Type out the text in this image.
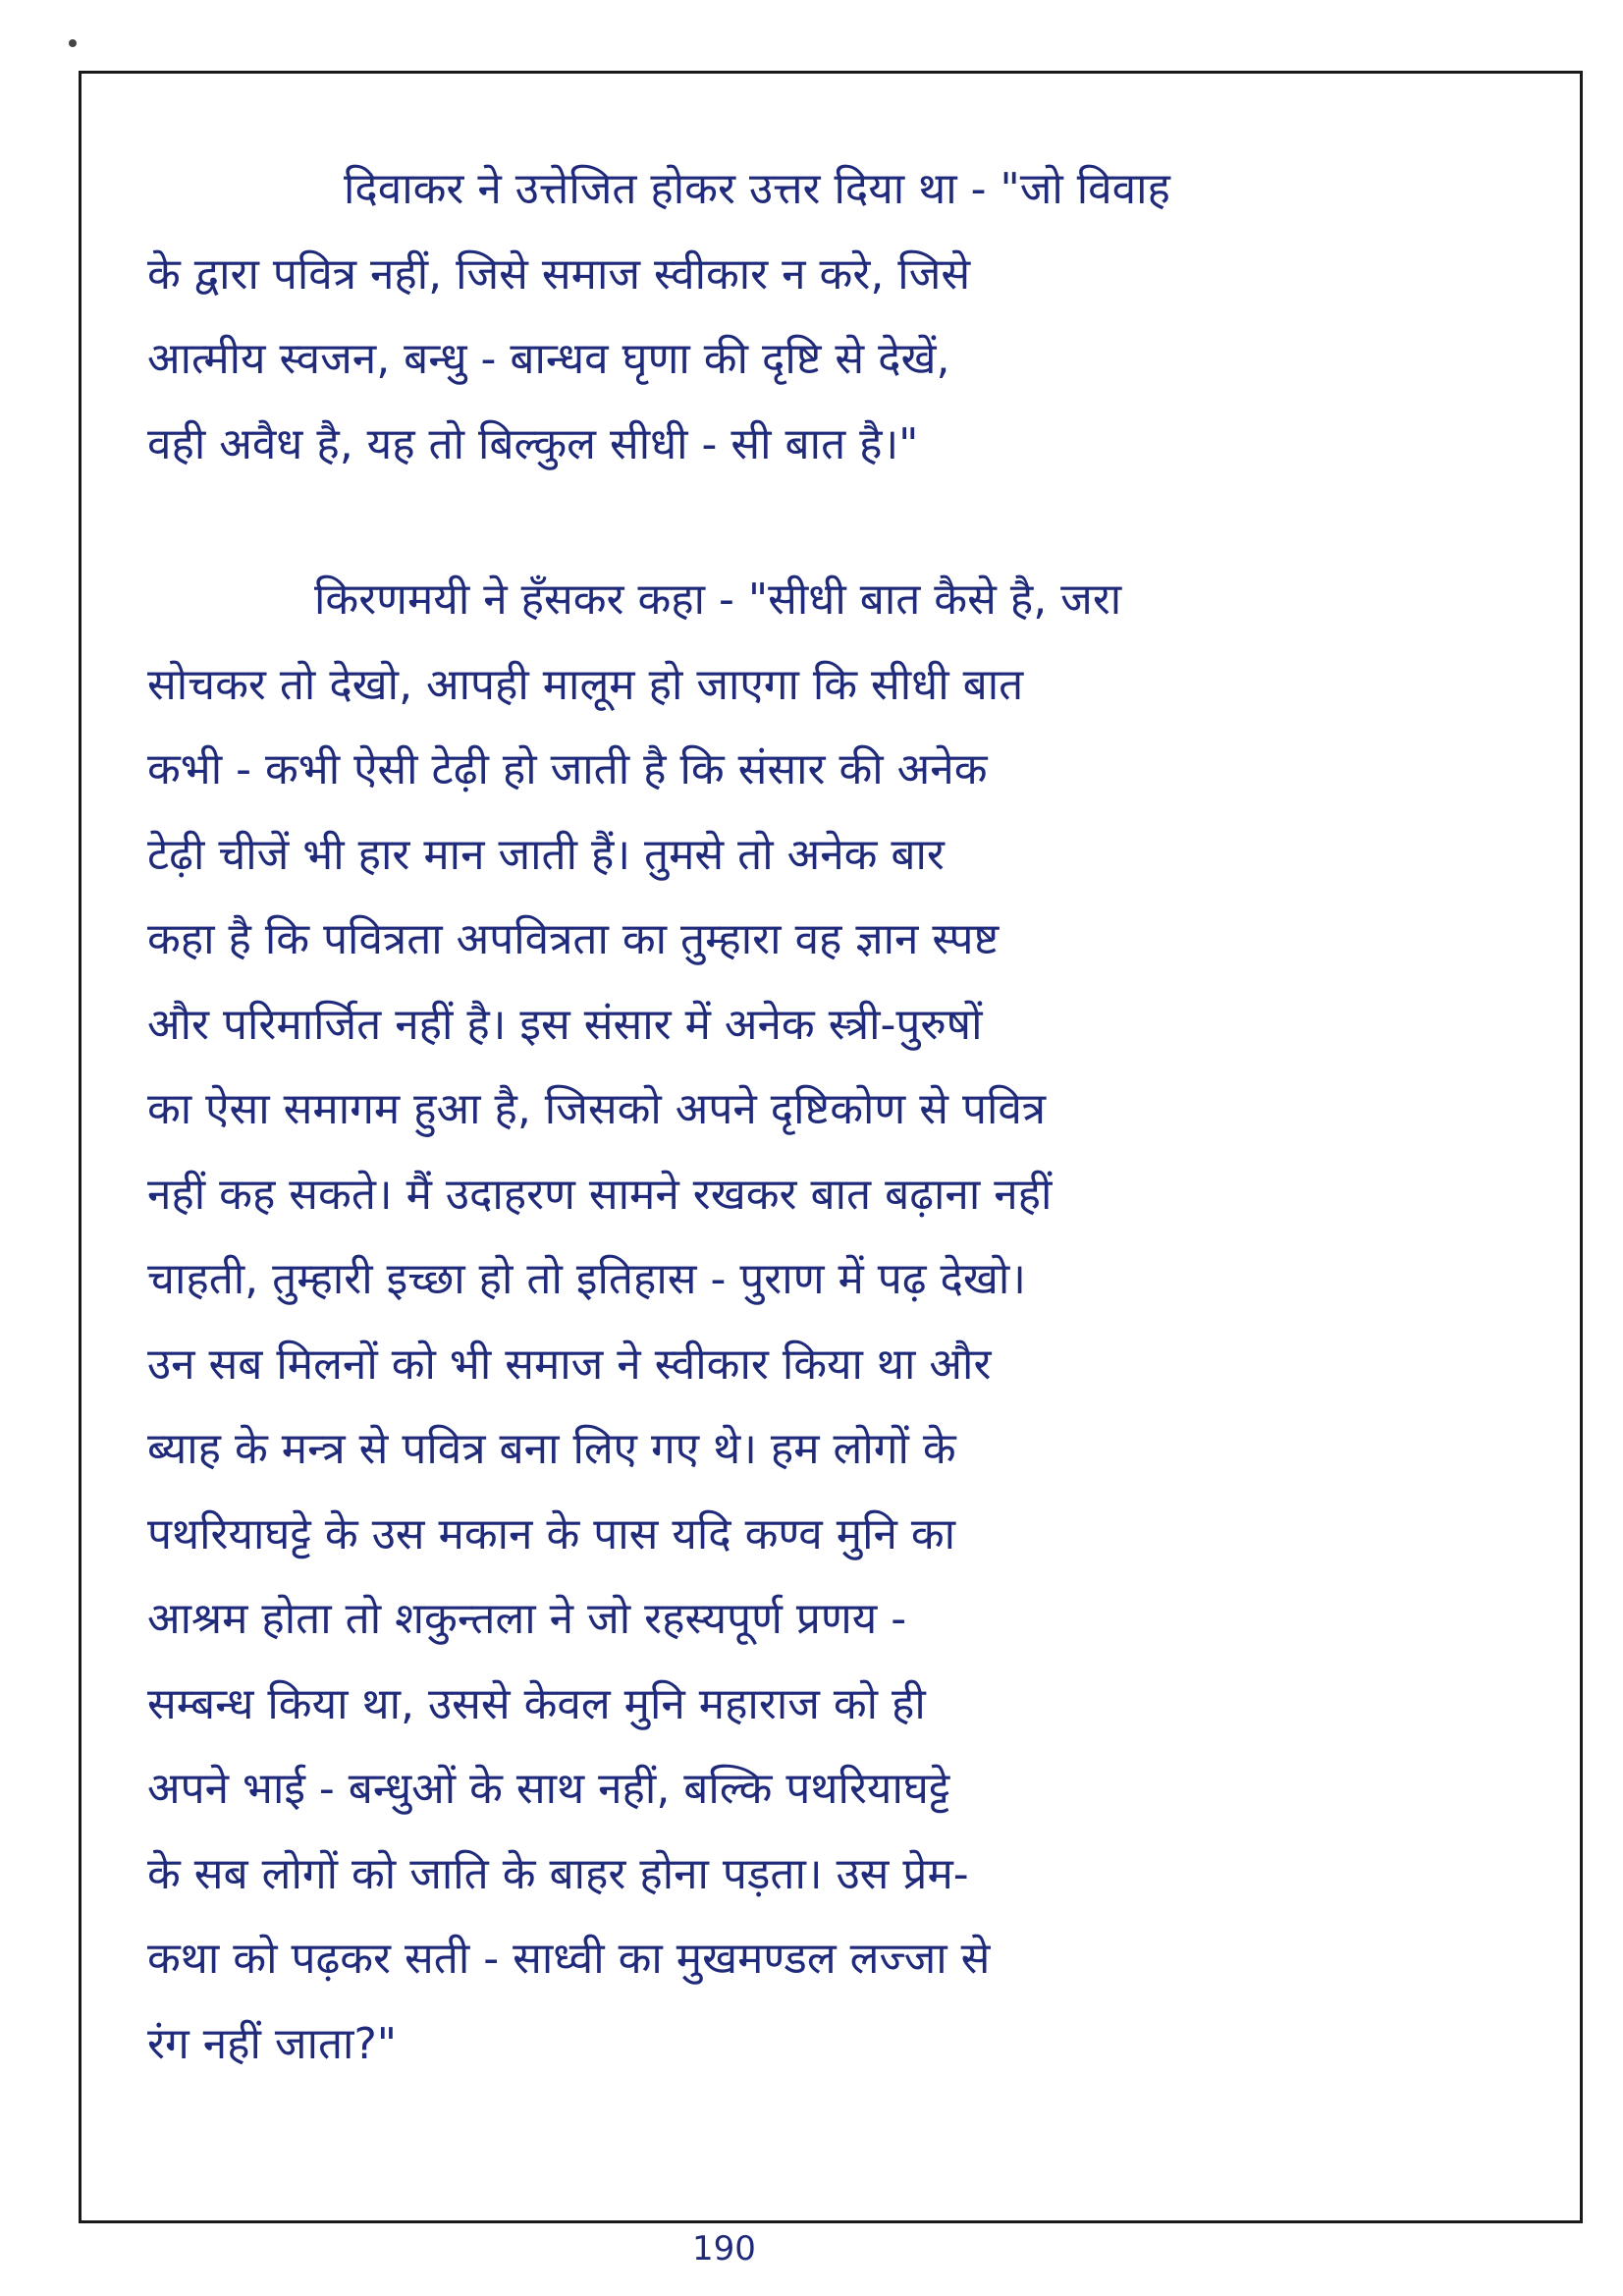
दिवाकर ने उत्तेजित होकर उत्तर दिया था - "जो विवाह
के द्वारा पवित्र नहीं, जिसे समाज स्वीकार न करे, जिसे
आत्मीय स्वजन, बन्धु - बान्धव घृणा की दृष्टि से देखें,
वही अवैध है, यह तो बिल्कुल सीधी - सी बात है।"

किरणमयी ने हँसकर कहा - "सीधी बात कैसे है, जरा
सोचकर तो देखो, आपही मालूम हो जाएगा कि सीधी बात
कभी - कभी ऐसी टेढ़ी हो जाती है कि संसार की अनेक
टेढ़ी चीजें भी हार मान जाती हैं। तुमसे तो अनेक बार
कहा है कि पवित्रता अपवित्रता का तुम्हारा वह ज्ञान स्पष्ट
और परिमार्जित नहीं है। इस संसार में अनेक स्त्री-पुरुषों
का ऐसा समागम हुआ है, जिसको अपने दृष्टिकोण से पवित्र
नहीं कह सकते। मैं उदाहरण सामने रखकर बात बढ़ाना नहीं
चाहती, तुम्हारी इच्छा हो तो इतिहास - पुराण में पढ़ देखो।
उन सब मिलनों को भी समाज ने स्वीकार किया था और
ब्याह के मन्त्र से पवित्र बना लिए गए थे। हम लोगों के
पथरियाघट्टे के उस मकान के पास यदि कण्व मुनि का
आश्रम होता तो शकुन्तला ने जो रहस्यपूर्ण प्रणय -
सम्बन्ध किया था, उससे केवल मुनि महाराज को ही
अपने भाई - बन्धुओं के साथ नहीं, बल्कि पथरियाघट्टे
के सब लोगों को जाति के बाहर होना पड़ता। उस प्रेम-
कथा को पढ़कर सती - साध्वी का मुखमण्डल लज्जा से
रंग नहीं जाता?"

190
